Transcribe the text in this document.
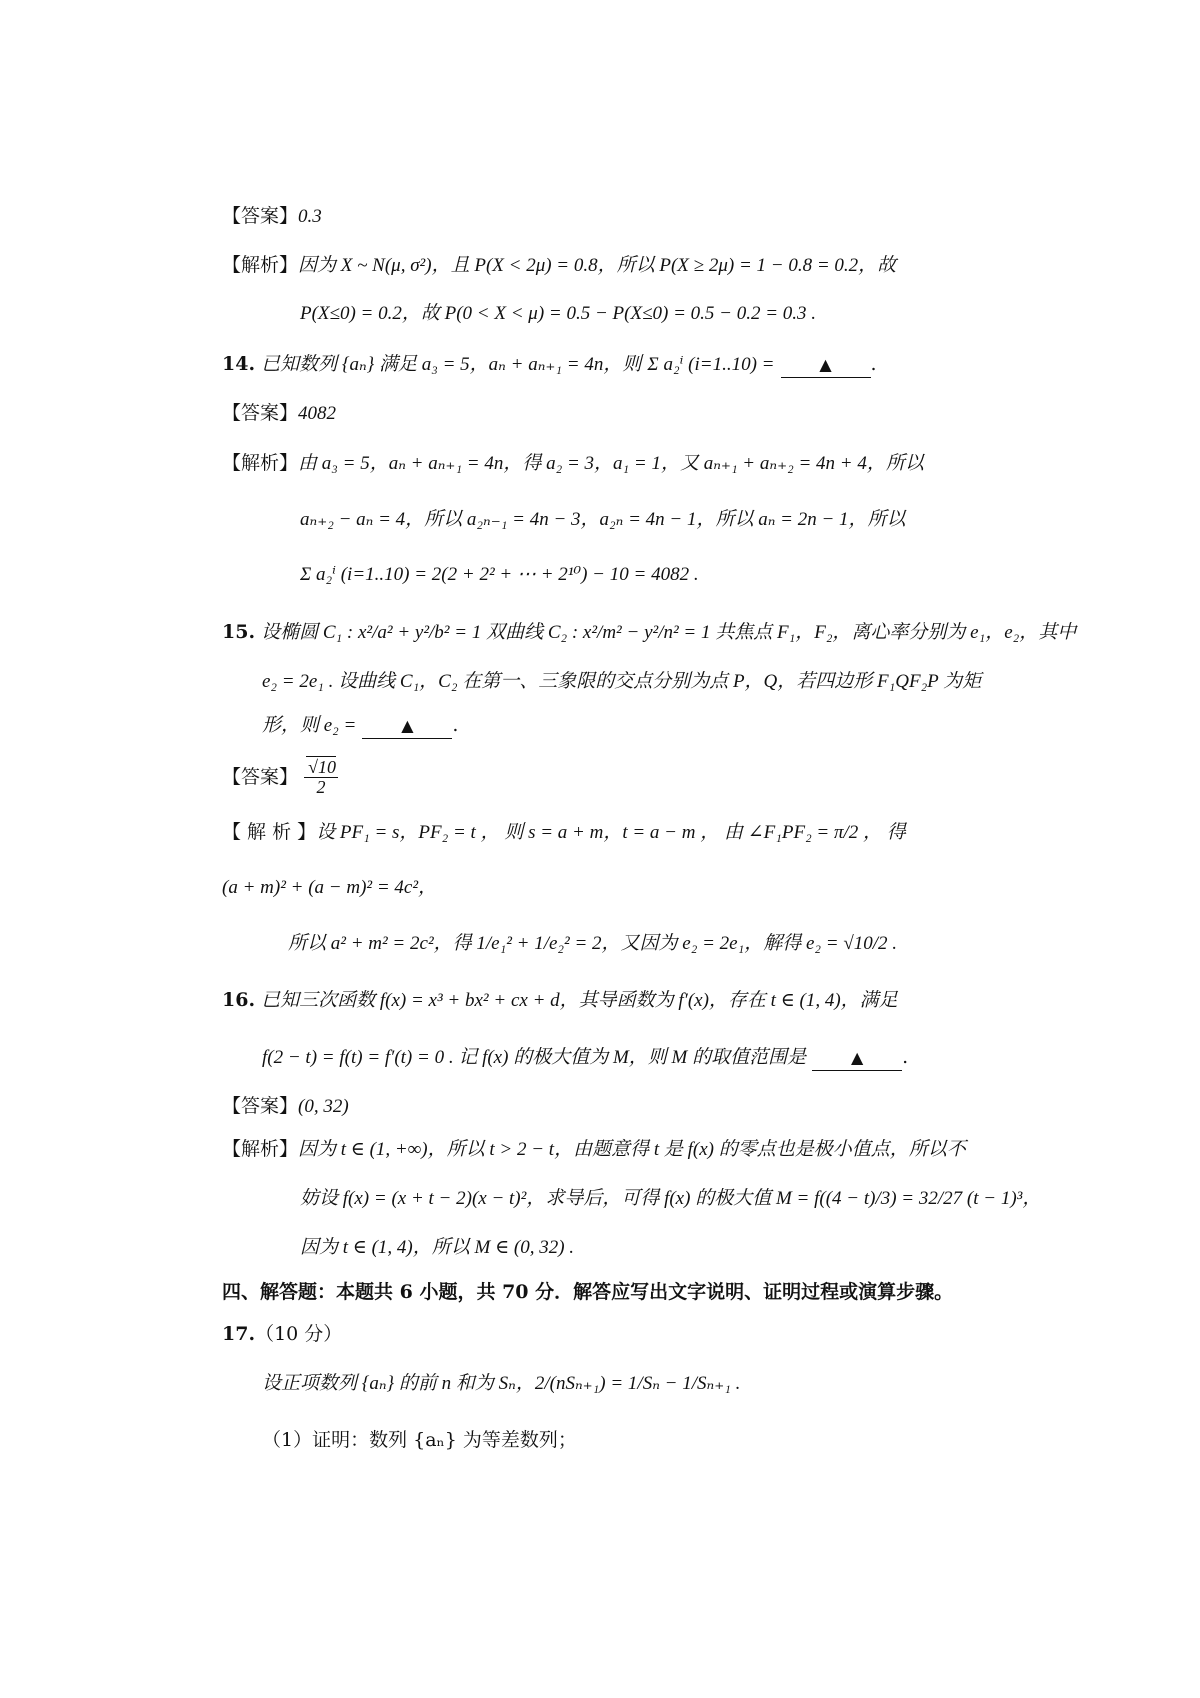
【答案】0.3
【解析】因为 X ~ N(μ, σ²)，且 P(X < 2μ) = 0.8，所以 P(X ≥ 2μ) = 1 − 0.8 = 0.2，故
P(X≤0) = 0.2，故 P(0 < X < μ) = 0.5 − P(X≤0) = 0.5 − 0.2 = 0.3 .
14. 已知数列 {aₙ} 满足 a₃ = 5，aₙ + aₙ₊₁ = 4n，则 Σ a₂ⁱ (i=1..10) =	▲ .
【答案】4082
【解析】由 a₃ = 5，aₙ + aₙ₊₁ = 4n，得 a₂ = 3，a₁ = 1，又 aₙ₊₁ + aₙ₊₂ = 4n + 4，所以
aₙ₊₂ − aₙ = 4，所以 a₂ₙ₋₁ = 4n − 3，a₂ₙ = 4n − 1，所以 aₙ = 2n − 1，所以
Σ a₂ⁱ (i=1..10) = 2(2 + 2² + ⋯ + 2¹⁰) − 10 = 4082 .
15. 设椭圆 C₁ : x²/a² + y²/b² = 1 双曲线 C₂ : x²/m² − y²/n² = 1 共焦点 F₁，F₂，离心率分别为 e₁，e₂，其中
e₂ = 2e₁ . 设曲线 C₁，C₂ 在第一、三象限的交点分别为点 P，Q，若四边形 F₁QF₂P 为矩
形，则 e₂ =	▲ .
【答案】 $\frac{√10}{2}$
【 解 析 】设 PF₁ = s，PF₂ = t ， 则 s = a + m，t = a − m ， 由 ∠F₁PF₂ = π/2 ， 得
(a + m)² + (a − m)² = 4c²，
所以 a² + m² = 2c²，得 1/e₁² + 1/e₂² = 2，又因为 e₂ = 2e₁，解得 e₂ = √10/2 .
16. 已知三次函数 f(x) = x³ + bx² + cx + d，其导函数为 f′(x)，存在 t ∈ (1, 4)，满足
f(2 − t) = f(t) = f′(t) = 0 . 记 f(x) 的极大值为 M，则 M 的取值范围是	▲ .
【答案】(0, 32)
【解析】因为 t ∈ (1, +∞)，所以 t > 2 − t，由题意得 t 是 f(x) 的零点也是极小值点，所以不
妨设 f(x) = (x + t − 2)(x − t)²，求导后，可得 f(x) 的极大值 M = f((4 − t)/3) = 32/27 (t − 1)³，
因为 t ∈ (1, 4)，所以 M ∈ (0, 32) .
四、解答题：本题共 6 小题，共 70 分．解答应写出文字说明、证明过程或演算步骤。
17.（10 分）
设正项数列 {aₙ} 的前 n 和为 Sₙ，2/(nSₙ₊₁) = 1/Sₙ − 1/Sₙ₊₁ .
（1）证明：数列 {aₙ} 为等差数列；
